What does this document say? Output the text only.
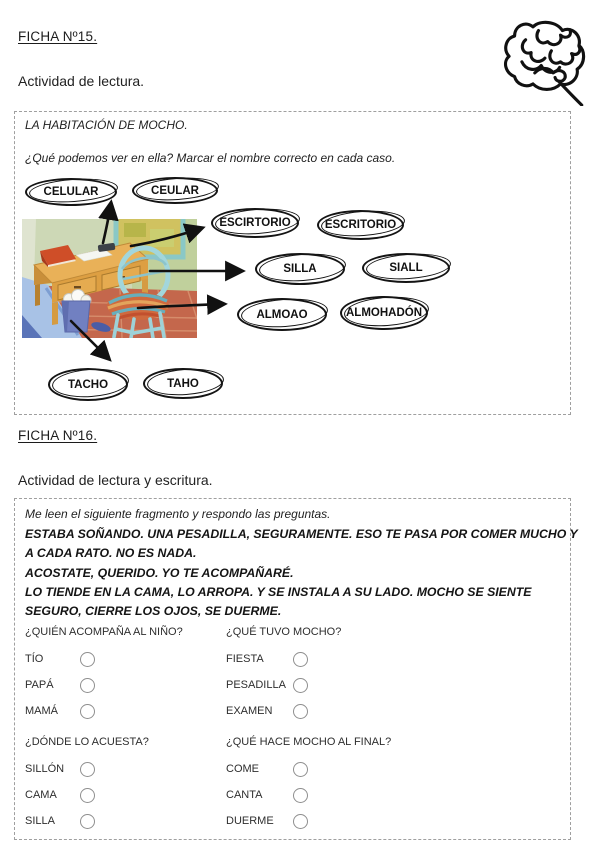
FICHA Nº15.
Actividad de lectura.
LA HABITACIÓN DE MOCHO.
¿Qué podemos ver en ella? Marcar el nombre correcto en cada caso.
CELULAR	CEULAR
ESCIRTORIO	ESCRITORIO
SILLA	SIALL
ALMOAO	ALMOHADÓN
TACHO	TAHO
FICHA Nº16.
Actividad de lectura y escritura.
Me leen el siguiente fragmento y respondo las preguntas.
ESTABA SOÑANDO. UNA PESADILLA, SEGURAMENTE. ESO TE PASA POR COMER MUCHO Y
A CADA RATO. NO ES NADA.
ACOSTATE, QUERIDO. YO TE ACOMPAÑARÉ.
LO TIENDE EN LA CAMA, LO ARROPA. Y SE INSTALA A SU LADO. MOCHO SE SIENTE
SEGURO, CIERRE LOS OJOS, SE DUERME.

¿QUIÉN ACOMPAÑA AL NIÑO?

TÍO
PAPÁ
MAMÁ

¿QUÉ TUVO MOCHO?

FIESTA
PESADILLA
EXAMEN

¿DÓNDE LO ACUESTA?

SILLÓN
CAMA
SILLA

¿QUÉ HACE MOCHO AL FINAL?

COME
CANTA
DUERME
